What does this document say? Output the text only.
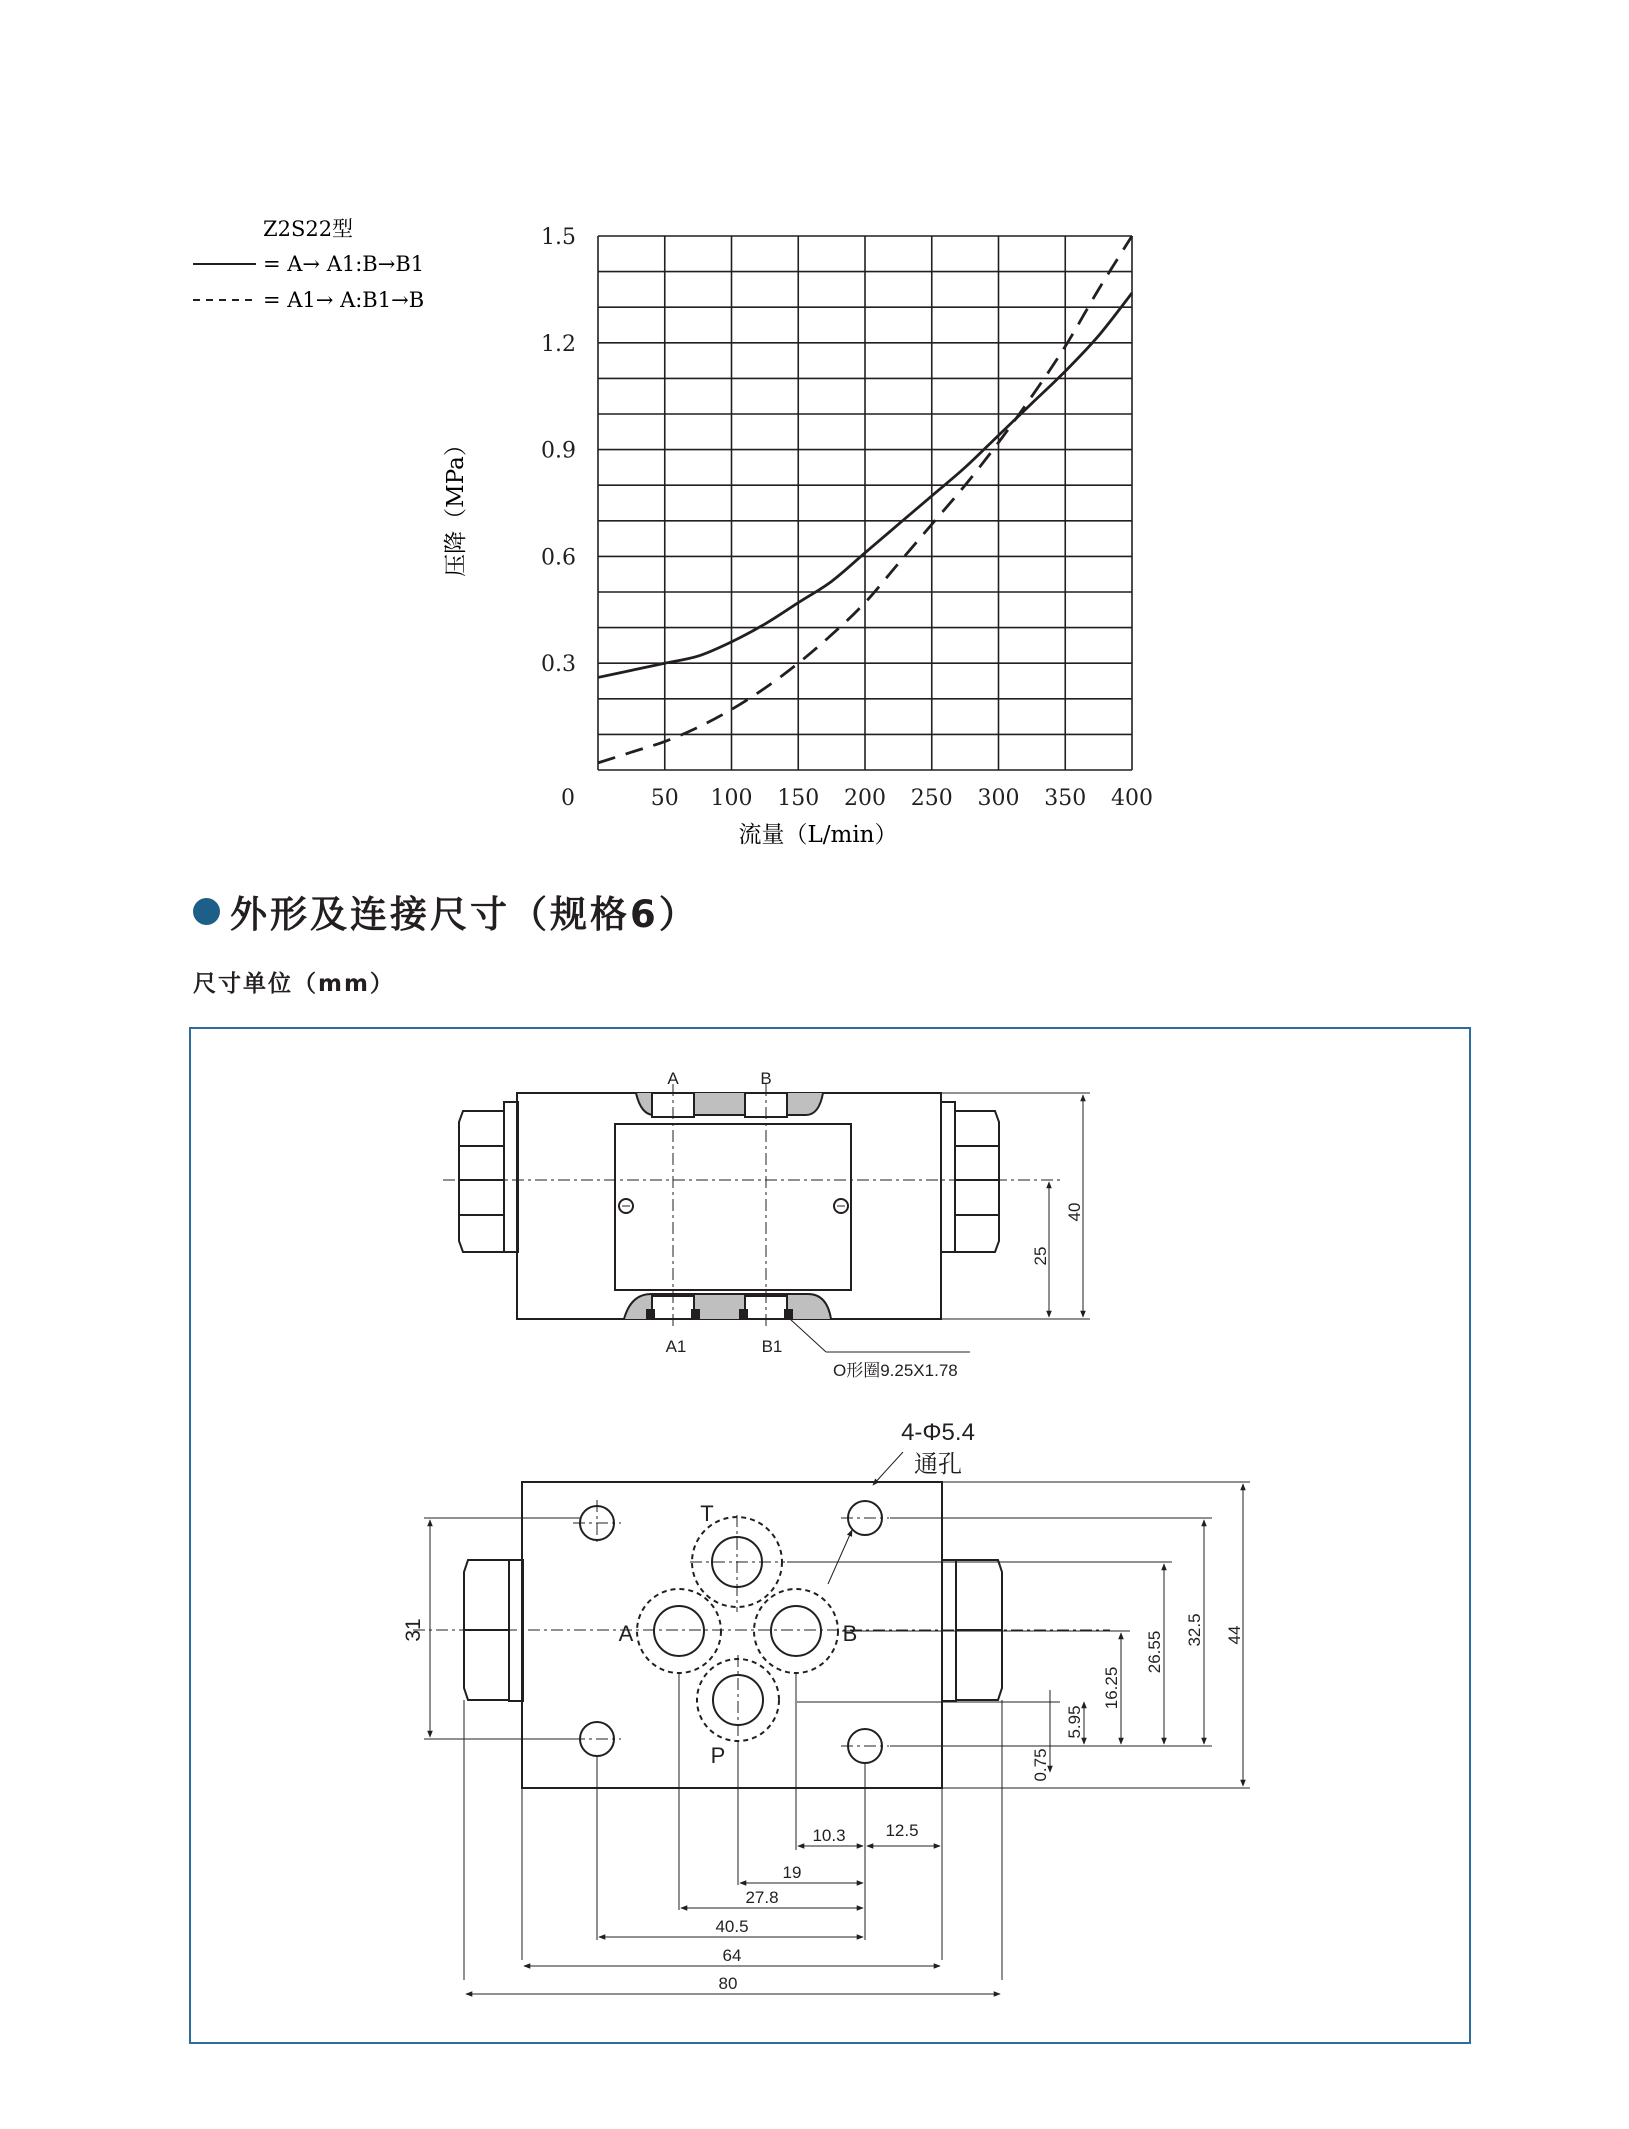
0	50 100 150 200 250 300 350 400
0.3
0.6
0.9
1.2
1.5
Z2S22型
= A→ A1:B→B1
= A1→ A:B1→B
流量（L/min）
压降（MPa）
外形及连接尺寸（规格6）
尺寸单位（mm）
A	B
A1	B1
O形圈9.25X1.78
40
25
4-Φ5.4
通孔
T
A	B
P
31	44
32.5
26.55
16.25
5.95
0.75
10.3 12.5
19
27.8
40.5
64
80
